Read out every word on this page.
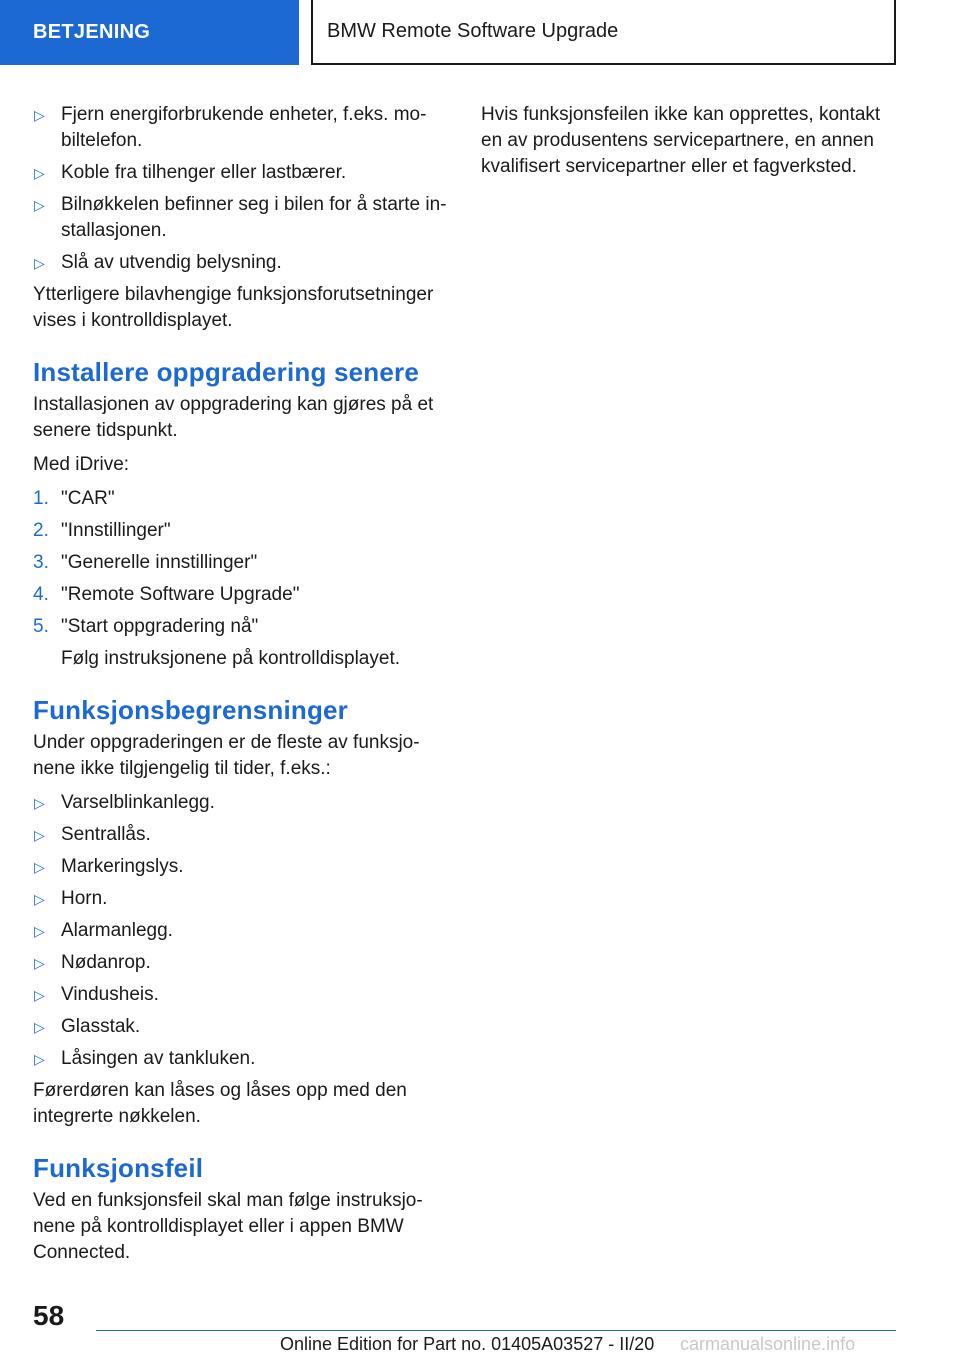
BETJENING	BMW Remote Software Upgrade
▷ Fjern energiforbrukende enheter, f.eks. mobiltelefon.
▷ Koble fra tilhenger eller lastbærer.
▷ Bilnøkkelen befinner seg i bilen for å starte installasjonen.
▷ Slå av utvendig belysning.

Ytterligere bilavhengige funksjonsforutsetninger vises i kontrolldisplayet.

Installere oppgradering senere

Installasjonen av oppgradering kan gjøres på et senere tidspunkt.

Med iDrive:

1. "CAR"
2. "Innstillinger"
3. "Generelle innstillinger"
4. "Remote Software Upgrade"
5. "Start oppgradering nå"
Følg instruksjonene på kontrolldisplayet.
Funksjonsbegrensninger

Under oppgraderingen er de fleste av funksjonene ikke tilgjengelig til tider, f.eks.:

▷ Varselblinkanlegg.
▷ Sentrallås.
▷ Markeringslys.
▷ Horn.
▷ Alarmanlegg.
▷ Nødanrop.
▷ Vindusheis.
▷ Glasstak.
▷ Låsingen av tankluken.

Førerdøren kan låses og låses opp med den integrerte nøkkelen.

Funksjonsfeil

Ved en funksjonsfeil skal man følge instruksjonene på kontrolldisplayet eller i appen BMW Connected.

Hvis funksjonsfeilen ikke kan opprettes, kontakt en av produsentens servicepartnere, en annen kvalifisert servicepartner eller et fagverksted.

58
Online Edition for Part no. 01405A03527 - II/20 carmanualsonline.info
